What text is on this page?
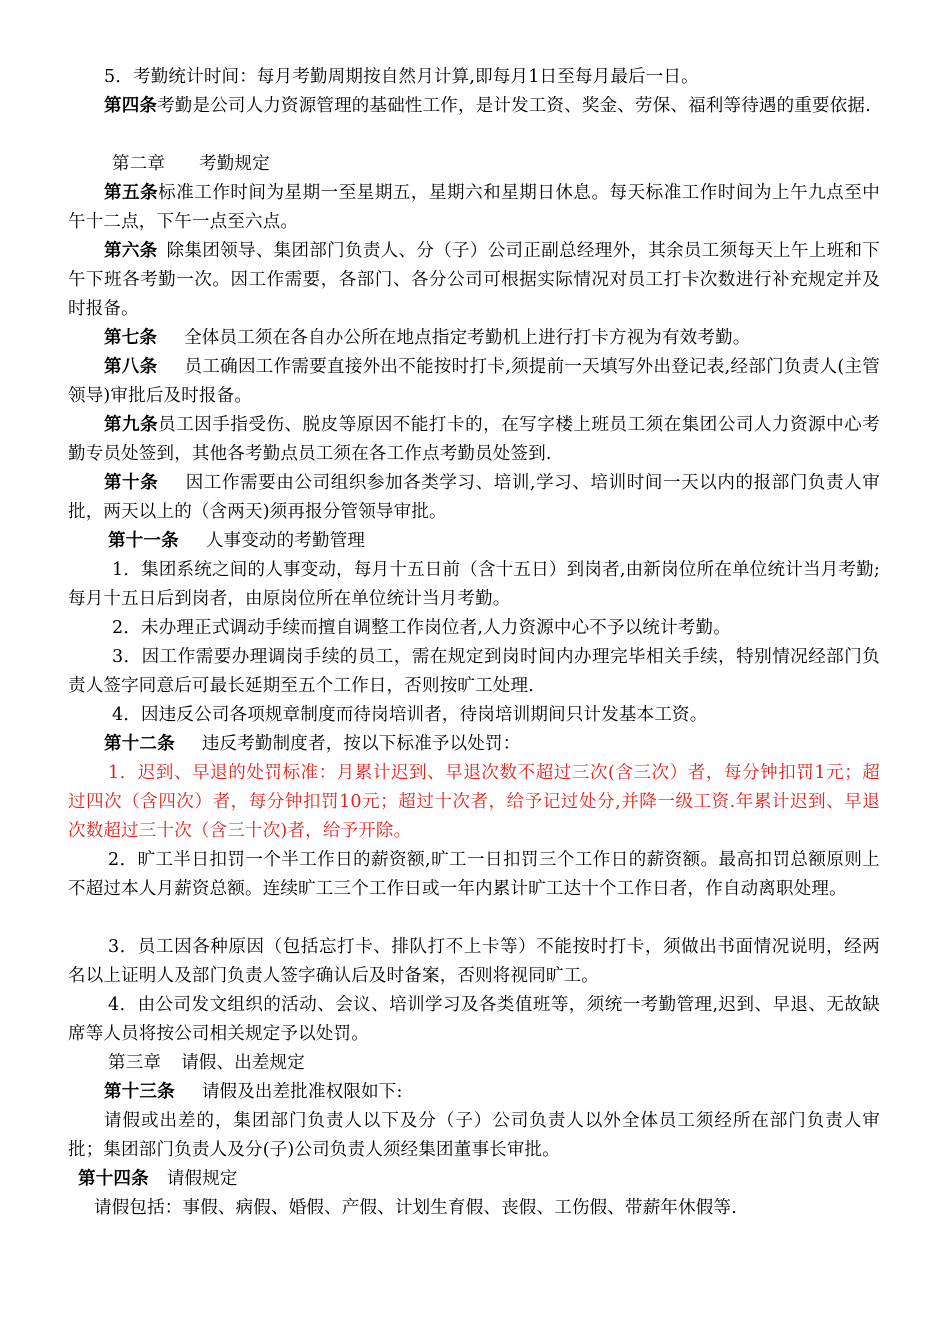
5．考勤统计时间：每月考勤周期按自然月计算,即每月1日至每月最后一日。

第四条考勤是公司人力资源管理的基础性工作，是计发工资、奖金、劳保、福利等待遇的重要依据.

第二章 考勤规定

第五条标准工作时间为星期一至星期五，星期六和星期日休息。每天标准工作时间为上午九点至中午十二点，下午一点至六点。

第六条 除集团领导、集团部门负责人、分（子）公司正副总经理外，其余员工须每天上午上班和下午下班各考勤一次。因工作需要，各部门、各分公司可根据实际情况对员工打卡次数进行补充规定并及时报备。

第七条 全体员工须在各自办公所在地点指定考勤机上进行打卡方视为有效考勤。

第八条 员工确因工作需要直接外出不能按时打卡,须提前一天填写外出登记表,经部门负责人(主管领导)审批后及时报备。

第九条员工因手指受伤、脱皮等原因不能打卡的，在写字楼上班员工须在集团公司人力资源中心考勤专员处签到，其他各考勤点员工须在各工作点考勤员处签到.

第十条 因工作需要由公司组织参加各类学习、培训,学习、培训时间一天以内的报部门负责人审批，两天以上的（含两天)须再报分管领导审批。

第十一条 人事变动的考勤管理

1．集团系统之间的人事变动，每月十五日前（含十五日）到岗者,由新岗位所在单位统计当月考勤;每月十五日后到岗者，由原岗位所在单位统计当月考勤。

2．未办理正式调动手续而擅自调整工作岗位者,人力资源中心不予以统计考勤。

3．因工作需要办理调岗手续的员工，需在规定到岗时间内办理完毕相关手续，特别情况经部门负责人签字同意后可最长延期至五个工作日，否则按旷工处理.

4．因违反公司各项规章制度而待岗培训者，待岗培训期间只计发基本工资。

第十二条 违反考勤制度者，按以下标准予以处罚：

1．迟到、早退的处罚标准：月累计迟到、早退次数不超过三次(含三次）者，每分钟扣罚1元；超过四次（含四次）者，每分钟扣罚10元；超过十次者，给予记过处分,并降一级工资.年累计迟到、早退次数超过三十次（含三十次)者，给予开除。

2．旷工半日扣罚一个半工作日的薪资额,旷工一日扣罚三个工作日的薪资额。最高扣罚总额原则上不超过本人月薪资总额。连续旷工三个工作日或一年内累计旷工达十个工作日者，作自动离职处理。

3．员工因各种原因（包括忘打卡、排队打不上卡等）不能按时打卡，须做出书面情况说明，经两名以上证明人及部门负责人签字确认后及时备案，否则将视同旷工。

4．由公司发文组织的活动、会议、培训学习及各类值班等，须统一考勤管理,迟到、早退、无故缺席等人员将按公司相关规定予以处罚。

第三章 请假、出差规定

第十三条 请假及出差批准权限如下:

请假或出差的，集团部门负责人以下及分（子）公司负责人以外全体员工须经所在部门负责人审批；集团部门负责人及分(子)公司负责人须经集团董事长审批。

第十四条 请假规定

请假包括：事假、病假、婚假、产假、计划生育假、丧假、工伤假、带薪年休假等.
